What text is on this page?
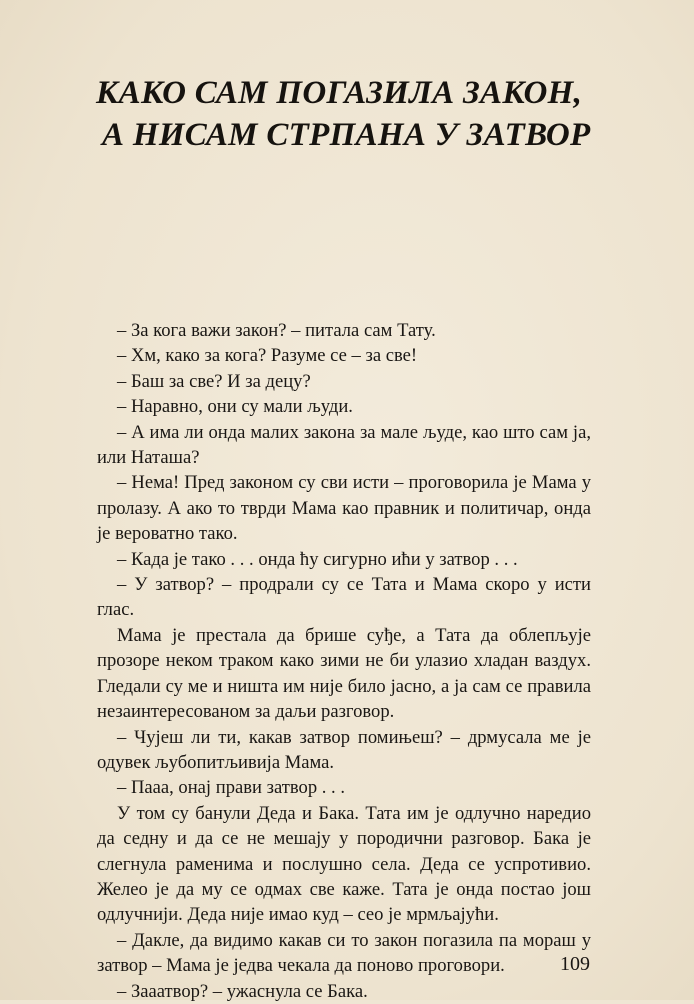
КАКО САМ ПОГАЗИЛА ЗАКОН,
А НИСАМ СТРПАНА У ЗАТВОР

– За кога важи закон? – питала сам Тату.

– Хм, како за кога? Разуме се – за све!

– Баш за све? И за децу?

– Наравно, они су мали људи.

– А има ли онда малих закона за мале људе, као што сам ја, или Наташа?

– Нема! Пред законом су сви исти – проговорила је Мама у пролазу. А ако то тврди Мама као правник и политичар, онда је вероватно тако.

– Када је тако . . . онда ћу сигурно ићи у затвор . . .

– У затвор? – продрали су се Тата и Мама скоро у исти глас.

Мама је престала да брише суђе, а Тата да облепљује прозоре неком траком како зими не би улазио хладан ваздух. Гледали су ме и ништа им није било јасно, а ја сам се правила незаинтересованом за даљи разговор.

– Чујеш ли ти, какав затвор помињеш? – дрмусала ме је одувек љубопитљивија Мама.

– Пааа, онај прави затвор . . .

У том су банули Деда и Бака. Тата им је одлучно наредио да седну и да се не мешају у породични разговор. Бака је слегнула раменима и послушно села. Деда се успротивио. Желео је да му се одмах све каже. Тата је онда постао још одлучнији. Деда није имао куд – сео је мрмљајући.

– Дакле, да видимо какав си то закон погазила па мораш у затвор – Мама је једва чекала да поново проговори.

– Зааатвор? – ужаснула се Бака.

109
